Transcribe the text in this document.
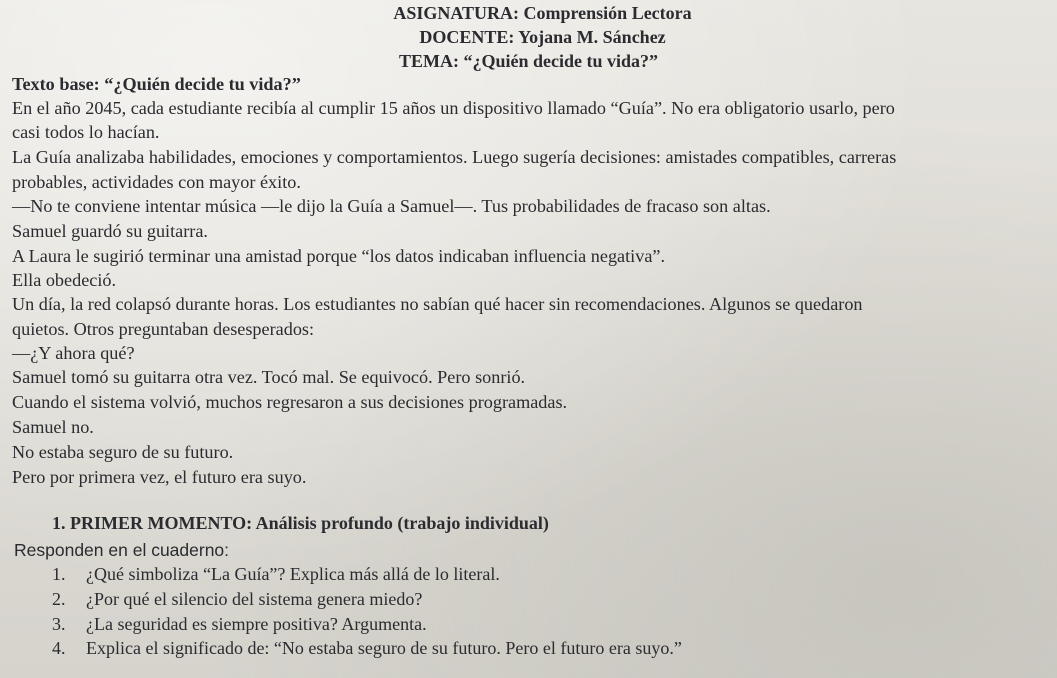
ASIGNATURA: Comprensión Lectora
DOCENTE: Yojana M. Sánchez
TEMA: “¿Quién decide tu vida?”
Texto base: “¿Quién decide tu vida?”
En el año 2045, cada estudiante recibía al cumplir 15 años un dispositivo llamado “Guía”. No era obligatorio usarlo, pero
casi todos lo hacían.
La Guía analizaba habilidades, emociones y comportamientos. Luego sugería decisiones: amistades compatibles, carreras
probables, actividades con mayor éxito.
—No te conviene intentar música —le dijo la Guía a Samuel—. Tus probabilidades de fracaso son altas.
Samuel guardó su guitarra.
A Laura le sugirió terminar una amistad porque “los datos indicaban influencia negativa”.
Ella obedeció.
Un día, la red colapsó durante horas. Los estudiantes no sabían qué hacer sin recomendaciones. Algunos se quedaron
quietos. Otros preguntaban desesperados:
—¿Y ahora qué?
Samuel tomó su guitarra otra vez. Tocó mal. Se equivocó. Pero sonrió.
Cuando el sistema volvió, muchos regresaron a sus decisiones programadas.
Samuel no.
No estaba seguro de su futuro.
Pero por primera vez, el futuro era suyo.
1. PRIMER MOMENTO: Análisis profundo (trabajo individual)
Responden en el cuaderno:
1. ¿Qué simboliza “La Guía”? Explica más allá de lo literal.
2. ¿Por qué el silencio del sistema genera miedo?
3. ¿La seguridad es siempre positiva? Argumenta.
4. Explica el significado de: “No estaba seguro de su futuro. Pero el futuro era suyo.”
